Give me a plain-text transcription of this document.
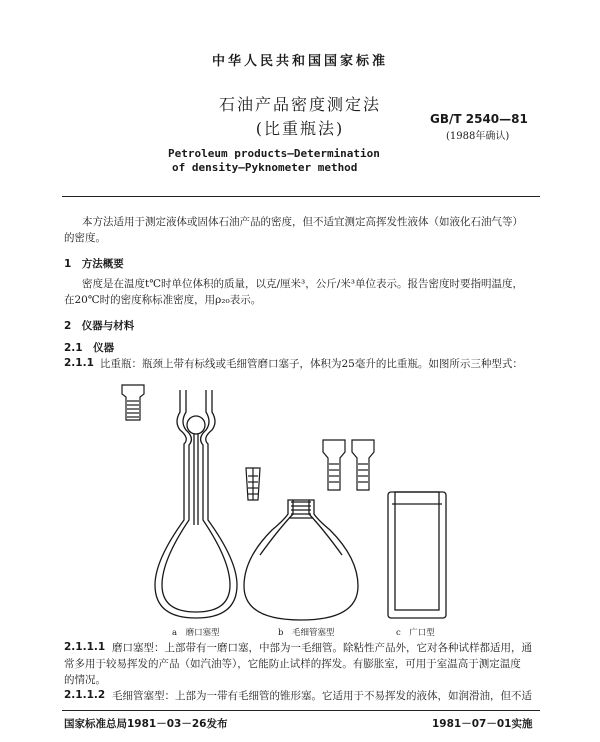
中华人民共和国国家标准
石油产品密度测定法
(比重瓶法)	GB/T 2540—81
(1988年确认)
Petroleum products—Determination
of density—Pyknometer method
本方法适用于测定液体或固体石油产品的密度，但不适宜测定高挥发性液体（如液化石油气等）
的密度。
1　方法概要
密度是在温度t℃时单位体积的质量，以克/厘米³，公斤/米³单位表示。报告密度时要指明温度，
在20℃时的密度称标准密度，用ρ₂₀表示。
2　仪器与材料
2.1　仪器
2.1.1 比重瓶：瓶颈上带有标线或毛细管磨口塞子，体积为25毫升的比重瓶。如图所示三种型式：
a　磨口塞型	b　毛细管塞型	c　广口型
2.1.1.1 磨口塞型：上部带有一磨口塞，中部为一毛细管。除粘性产品外，它对各种试样都适用，通
常多用于较易挥发的产品（如汽油等），它能防止试样的挥发。有膨胀室，可用于室温高于测定温度
的情况。
2.1.1.2 毛细管塞型：上部为一带有毛细管的锥形塞。它适用于不易挥发的液体，如润滑油，但不适
国家标准总局1981－03－26发布	1981－07－01实施
